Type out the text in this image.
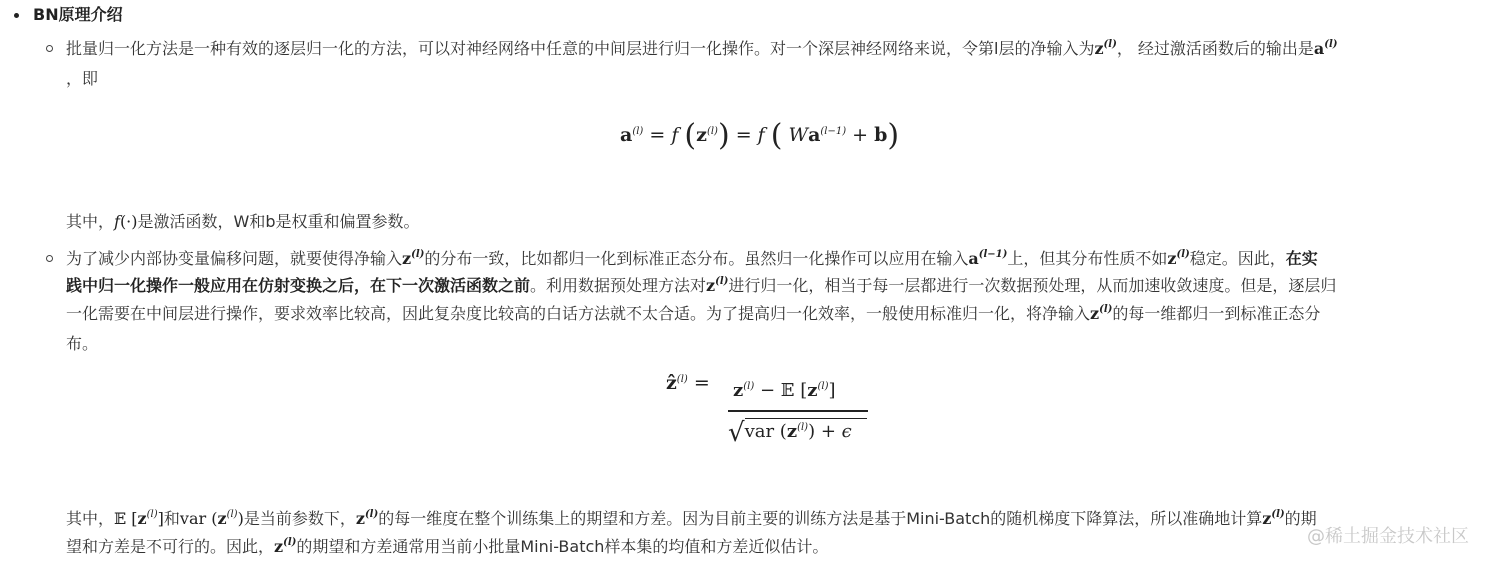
BN原理介绍
批量归一化方法是一种有效的逐层归一化的方法，可以对神经网络中任意的中间层进行归一化操作。对一个深层神经网络来说，令第l层的净输入为$z^{(l)}$， 经过激活函数后的输出是$a^{(l)}$
，即
$a^{(l)} = f$ $(z^{(l)}) = f$ ( $Wa^{(l-1)} + b$)
其中，f(·)是激活函数，W和b是权重和偏置参数。
为了减少内部协变量偏移问题，就要使得净输入$z^{(l)}$的分布一致，比如都归一化到标准正态分布。虽然归一化操作可以应用在输入$a^{(l-1)}$上，但其分布性质不如$z^{(l)}$稳定。因此，在实
践中归一化操作一般应用在仿射变换之后，在下一次激活函数之前。利用数据预处理方法对$z^{(l)}$进行归一化，相当于每一层都进行一次数据预处理，从而加速收敛速度。但是，逐层归
一化需要在中间层进行操作，要求效率比较高，因此复杂度比较高的白话方法就不太合适。为了提高归一化效率，一般使用标准归一化，将净输入$z^{(l)}$的每一维都归一到标准正态分
布。
ẑ$^{(l)}$ = $z^{(l)}$ − 𝔼 $[z^{(l)}]$
√var $(z^{(l)}) + \epsilon$
其中，𝔼 $[z^{(l)}]$和var $(z^{(l)})$是当前参数下，$z^{(l)}$的每一维度在整个训练集上的期望和方差。因为目前主要的训练方法是基于Mini-Batch的随机梯度下降算法，所以准确地计算$z^{(l)}$的期
望和方差是不可行的。因此，$z^{(l)}$的期望和方差通常用当前小批量Mini-Batch样本集的均值和方差近似估计。	@稀土掘金技术社区
